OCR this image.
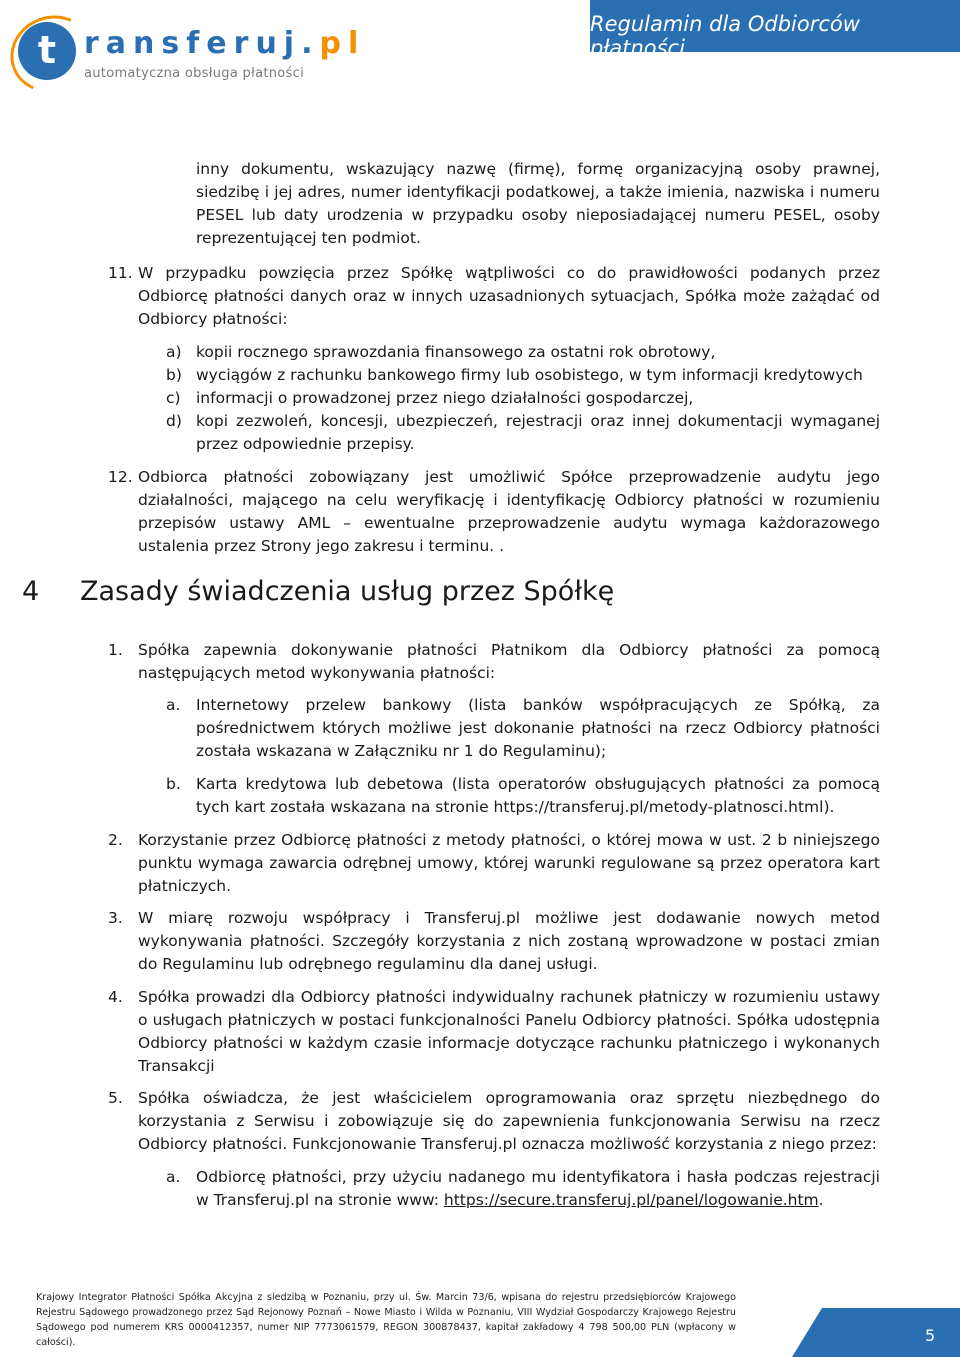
t ransferuj.pl
automatyczna obsługa płatności
Regulamin dla Odbiorców płatności
inny dokumentu, wskazujący nazwę (firmę), formę organizacyjną osoby prawnej, siedzibę i jej adres, numer identyfikacji podatkowej, a także imienia, nazwiska i numeru PESEL lub daty urodzenia w przypadku osoby nieposiadającej numeru PESEL, osoby reprezentującej ten podmiot.
11. W przypadku powzięcia przez Spółkę wątpliwości co do prawidłowości podanych przez Odbiorcę płatności danych oraz w innych uzasadnionych sytuacjach, Spółka może zażądać od Odbiorcy płatności:
a) kopii rocznego sprawozdania finansowego za ostatni rok obrotowy,
b) wyciągów z rachunku bankowego firmy lub osobistego, w tym informacji kredytowych
c) informacji o prowadzonej przez niego działalności gospodarczej,
d) kopi zezwoleń, koncesji, ubezpieczeń, rejestracji oraz innej dokumentacji wymaganej przez odpowiednie przepisy.
12. Odbiorca płatności zobowiązany jest umożliwić Spółce przeprowadzenie audytu jego działalności, mającego na celu weryfikację i identyfikację Odbiorcy płatności w rozumieniu przepisów ustawy AML – ewentualne przeprowadzenie audytu wymaga każdorazowego ustalenia przez Strony jego zakresu i terminu. .
4 Zasady świadczenia usług przez Spółkę
1. Spółka zapewnia dokonywanie płatności Płatnikom dla Odbiorcy płatności za pomocą następujących metod wykonywania płatności:
a. Internetowy przelew bankowy (lista banków współpracujących ze Spółką, za pośrednictwem których możliwe jest dokonanie płatności na rzecz Odbiorcy płatności została wskazana w Załączniku nr 1 do Regulaminu);
b. Karta kredytowa lub debetowa (lista operatorów obsługujących płatności za pomocą tych kart została wskazana na stronie https://transferuj.pl/metody-platnosci.html).
2. Korzystanie przez Odbiorcę płatności z metody płatności, o której mowa w ust. 2 b niniejszego punktu wymaga zawarcia odrębnej umowy, której warunki regulowane są przez operatora kart płatniczych.
3. W miarę rozwoju współpracy i Transferuj.pl możliwe jest dodawanie nowych metod wykonywania płatności. Szczegóły korzystania z nich zostaną wprowadzone w postaci zmian do Regulaminu lub odrębnego regulaminu dla danej usługi.
4. Spółka prowadzi dla Odbiorcy płatności indywidualny rachunek płatniczy w rozumieniu ustawy o usługach płatniczych w postaci funkcjonalności Panelu Odbiorcy płatności. Spółka udostępnia Odbiorcy płatności w każdym czasie informacje dotyczące rachunku płatniczego i wykonanych Transakcji
5. Spółka oświadcza, że jest właścicielem oprogramowania oraz sprzętu niezbędnego do korzystania z Serwisu i zobowiązuje się do zapewnienia funkcjonowania Serwisu na rzecz Odbiorcy płatności. Funkcjonowanie Transferuj.pl oznacza możliwość korzystania z niego przez:
a. Odbiorcę płatności, przy użyciu nadanego mu identyfikatora i hasła podczas rejestracji w Transferuj.pl na stronie www: https://secure.transferuj.pl/panel/logowanie.htm.
Krajowy Integrator Płatności Spółka Akcyjna z siedzibą w Poznaniu, przy ul. Św. Marcin 73/6, wpisana do rejestru przedsiębiorców Krajowego Rejestru Sądowego prowadzonego przez Sąd Rejonowy Poznań – Nowe Miasto i Wilda w Poznaniu, VIII Wydział Gospodarczy Krajowego Rejestru Sądowego pod numerem KRS 0000412357, numer NIP 7773061579, REGON 300878437, kapitał zakładowy 4 798 500,00 PLN (wpłacony w całości).	5
